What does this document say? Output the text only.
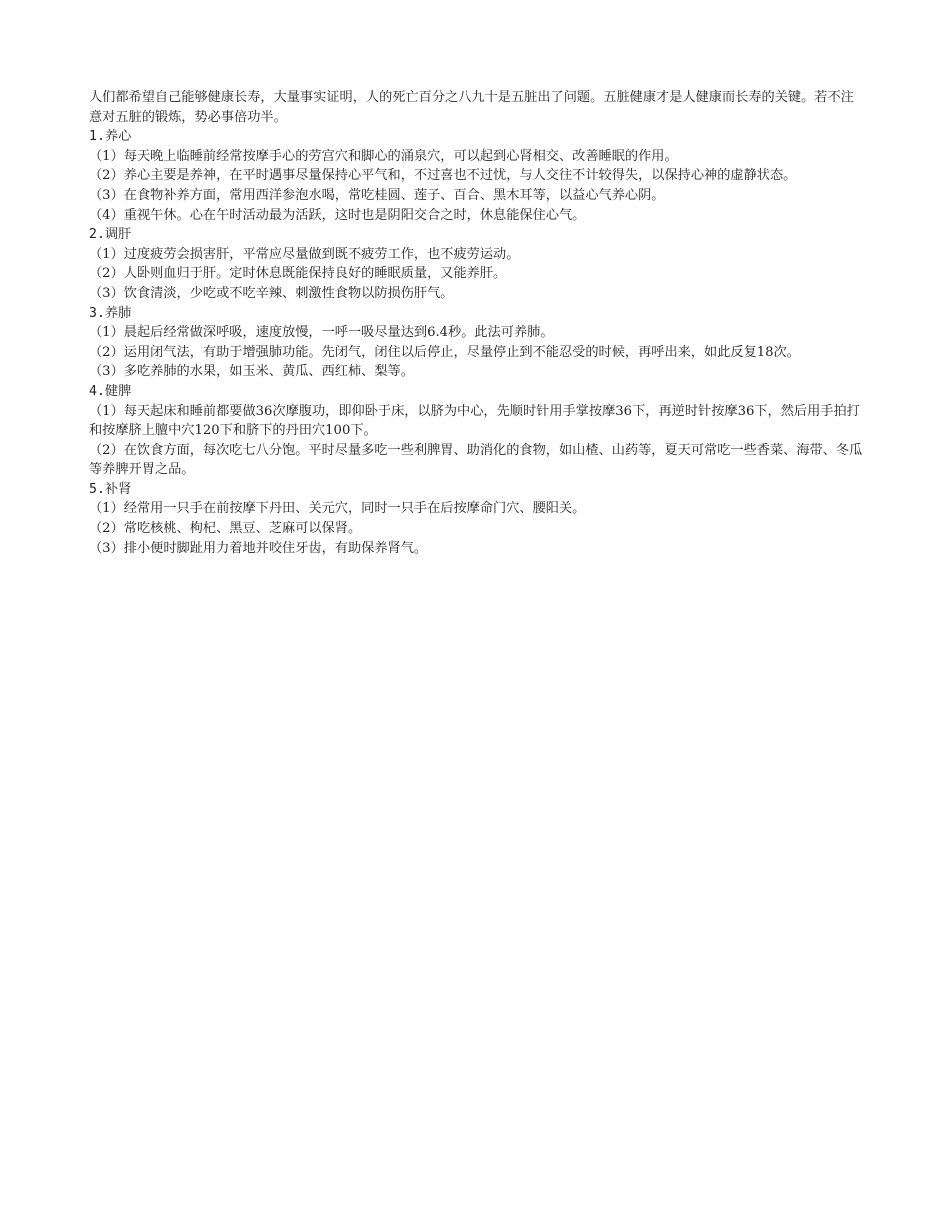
人们都希望自己能够健康长寿，大量事实证明，人的死亡百分之八九十是五脏出了问题。五脏健康才是人健康而长寿的关键。若不注意对五脏的锻炼，势必事倍功半。

1.养心

（1）每天晚上临睡前经常按摩手心的劳宫穴和脚心的涌泉穴，可以起到心肾相交、改善睡眠的作用。

（2）养心主要是养神，在平时遇事尽量保持心平气和，不过喜也不过忧，与人交往不计较得失，以保持心神的虚静状态。

（3）在食物补养方面，常用西洋参泡水喝，常吃桂圆、莲子、百合、黑木耳等，以益心气养心阴。

（4）重视午休。心在午时活动最为活跃，这时也是阴阳交合之时，休息能保住心气。

2.调肝

（1）过度疲劳会损害肝，平常应尽量做到既不疲劳工作，也不疲劳运动。

（2）人卧则血归于肝。定时休息既能保持良好的睡眠质量，又能养肝。

（3）饮食清淡，少吃或不吃辛辣、刺激性食物以防损伤肝气。

3.养肺

（1）晨起后经常做深呼吸，速度放慢，一呼一吸尽量达到6.4秒。此法可养肺。

（2）运用闭气法，有助于增强肺功能。先闭气，闭住以后停止，尽量停止到不能忍受的时候，再呼出来，如此反复18次。

（3）多吃养肺的水果，如玉米、黄瓜、西红柿、梨等。

4.健脾

（1）每天起床和睡前都要做36次摩腹功，即仰卧于床，以脐为中心，先顺时针用手掌按摩36下，再逆时针按摩36下，然后用手拍打和按摩脐上膻中穴120下和脐下的丹田穴100下。

（2）在饮食方面，每次吃七八分饱。平时尽量多吃一些利脾胃、助消化的食物，如山楂、山药等，夏天可常吃一些香菜、海带、冬瓜等养脾开胃之品。

5.补肾

（1）经常用一只手在前按摩下丹田、关元穴，同时一只手在后按摩命门穴、腰阳关。

（2）常吃核桃、枸杞、黑豆、芝麻可以保肾。

（3）排小便时脚趾用力着地并咬住牙齿，有助保养肾气。
